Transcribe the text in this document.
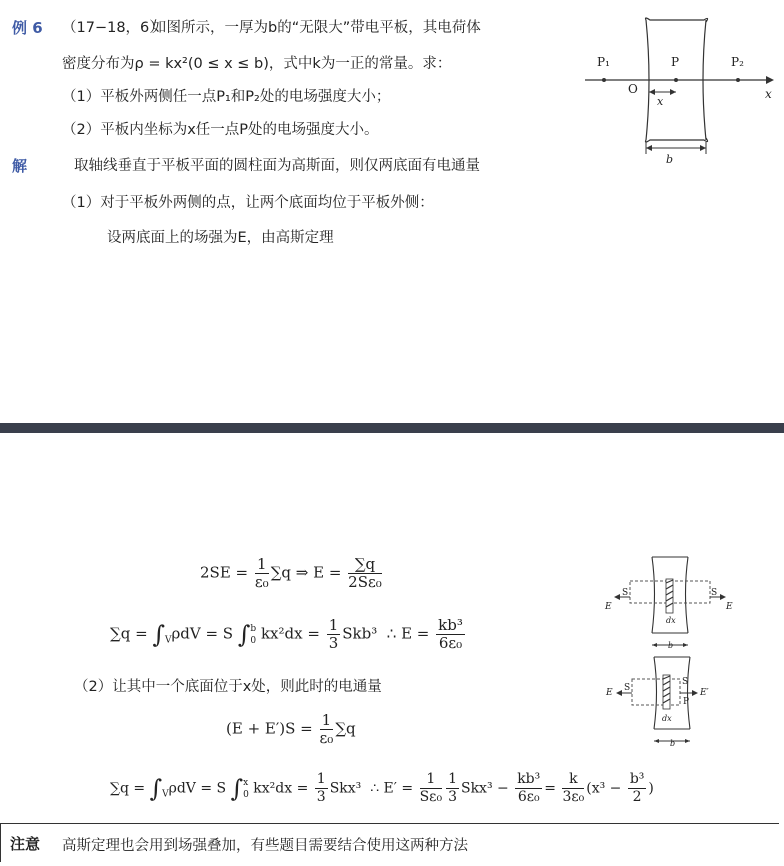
例 6 （17−18，6）
如图所示，一厚为b的“无限大”带电平板，其电荷体
密度分布为ρ = kx²(0 ≤ x ≤ b)，式中k为一正的常量。求：
（1）平板外两侧任一点P₁和P₂处的电场强度大小；
（2）平板内坐标为x任一点P处的电场强度大小。
解	取轴线垂直于平板平面的圆柱面为高斯面，则仅两底面有电通量
（1）对于平板外两侧的点，让两个底面均位于平板外侧：
设两底面上的场强为E，由高斯定理
P₁	P	P₂
O	x
x
b
$2SE = \frac{1}{\text{ε₀}} \sum q$ ⇒ $E = \frac{\sum q}{\text{2Sε₀}}$
$\sum q = \int_V\rho dV = S$ ∫ b
0 $kx^2dx = \frac{1}{3} Skb^3$ ∴ $E = \frac{\text{kb³}}{\text{6ε₀}}$
（2）让其中一个底面位于x处，则此时的电通量
$(E + E')S = \frac{1}{\text{ε₀}} \sum q$
$\sum q = \int_V\rho dV = S$ ∫ x
0 $kx^2dx = \frac{1}{3} Skx^3$ ∴ $E' = \frac{1}{\text{Sε₀}} \frac{1}{3} Skx^3 - \frac{\text{kb³}}{\text{6ε₀}} = \frac{k}{\text{3ε₀}} (x^3 - \frac{\text{b³}}{2}$ )
E	E
S	S
dx
b
E	E′
S
S
P
dx
b
注意 高斯定理也会用到场强叠加，有些题目需要结合使用这两种方法
